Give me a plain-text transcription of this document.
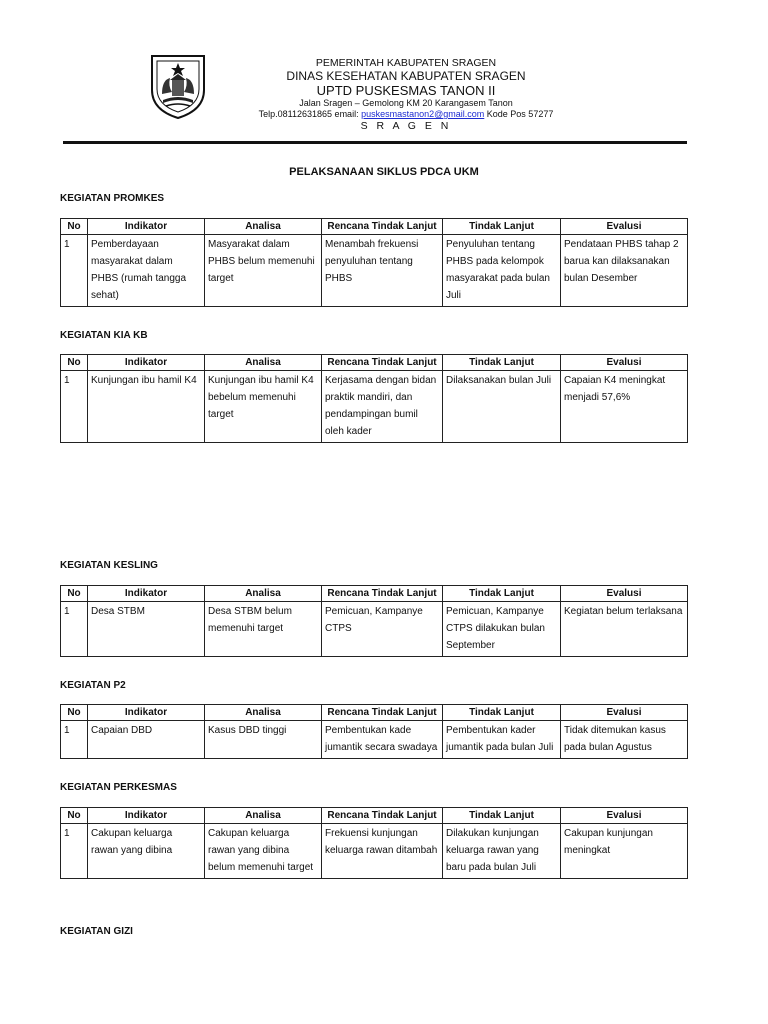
PEMERINTAH KABUPATEN SRAGEN
DINAS KESEHATAN KABUPATEN SRAGEN
UPTD PUSKESMAS TANON II
Jalan Sragen – Gemolong KM 20 Karangasem Tanon
Telp.08112631865 email: puskesmastanon2@gmail.com Kode Pos 57277
S R A G E N
PELAKSANAAN SIKLUS PDCA UKM
KEGIATAN PROMKES
No	Indikator	Analisa	Rencana Tindak Lanjut	Tindak Lanjut	Evalusi
1	Pemberdayaan masyarakat dalam PHBS (rumah tangga sehat)	Masyarakat dalam PHBS belum memenuhi target	Menambah frekuensi penyuluhan tentang PHBS	Penyuluhan tentang PHBS pada kelompok masyarakat pada bulan Juli	Pendataan PHBS tahap 2 barua kan dilaksanakan bulan Desember
KEGIATAN KIA KB
No	Indikator	Analisa	Rencana Tindak Lanjut	Tindak Lanjut	Evalusi
1	Kunjungan ibu hamil K4	Kunjungan ibu hamil K4 bebelum memenuhi target	Kerjasama dengan bidan praktik mandiri, dan pendampingan bumil oleh kader	Dilaksanakan bulan Juli	Capaian K4 meningkat menjadi 57,6%
KEGIATAN KESLING
No	Indikator	Analisa	Rencana Tindak Lanjut	Tindak Lanjut	Evalusi
1	Desa STBM	Desa STBM belum memenuhi target	Pemicuan, Kampanye CTPS	Pemicuan, Kampanye CTPS dilakukan bulan September	Kegiatan belum terlaksana
KEGIATAN P2
No	Indikator	Analisa	Rencana Tindak Lanjut	Tindak Lanjut	Evalusi
1	Capaian DBD	Kasus DBD tinggi	Pembentukan kade jumantik secara swadaya	Pembentukan kader jumantik pada bulan Juli	Tidak ditemukan kasus pada bulan Agustus
KEGIATAN PERKESMAS
No	Indikator	Analisa	Rencana Tindak Lanjut	Tindak Lanjut	Evalusi
1	Cakupan keluarga rawan yang dibina	Cakupan keluarga rawan yang dibina belum memenuhi target	Frekuensi kunjungan keluarga rawan ditambah	Dilakukan kunjungan keluarga rawan yang baru pada bulan Juli	Cakupan kunjungan meningkat
KEGIATAN GIZI
